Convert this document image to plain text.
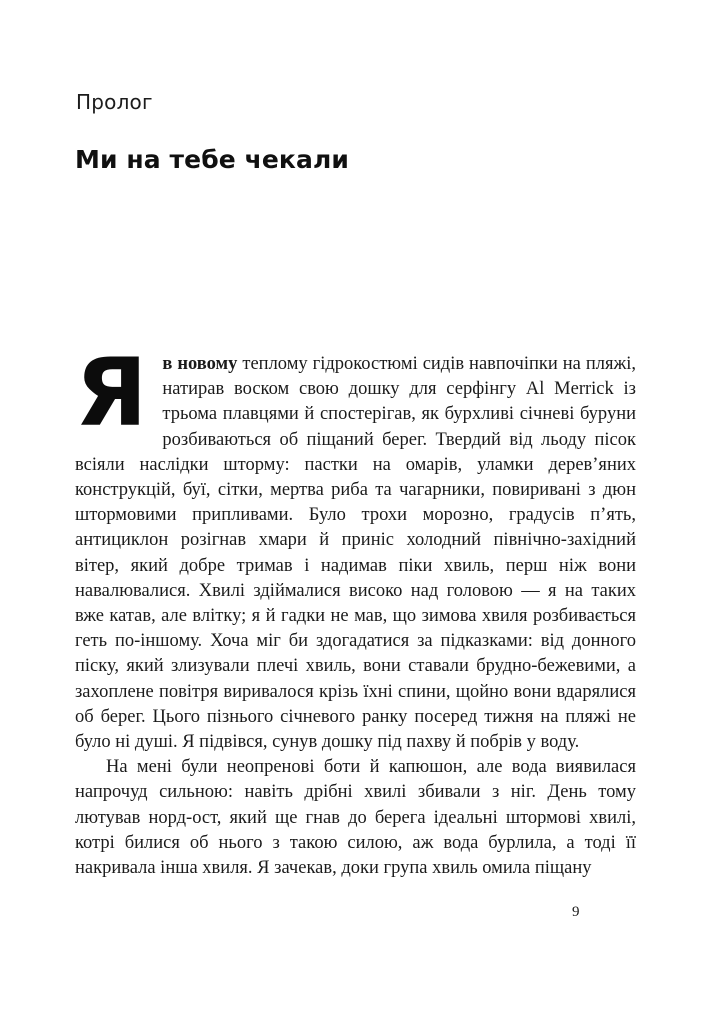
Пролог
Ми на тебе чекали

Яв новому теплому гідрокостюмі сидів навпочіпки на пляжі, натирав воском свою дошку для серфінгу Al Merrick із трьома плавцями й спостерігав, як бурхливі січневі буруни розбиваються об піщаний берег. Твердий від льоду пісок всіяли наслідки шторму: пастки на омарів, уламки дерев’яних конструкцій, буї, сітки, мертва риба та чагарники, повиривані з дюн штормовими припливами. Було трохи морозно, градусів п’ять, антициклон розігнав хмари й приніс холодний північно-західний вітер, який добре тримав і надимав піки хвиль, перш ніж вони навалювалися. Хвилі здіймалися високо над головою — я на таких вже катав, але влітку; я й гадки не мав, що зимова хвиля розбивається геть по-іншому. Хоча міг би здогадатися за підказками: від донного піску, який злизували плечі хвиль, вони ставали брудно-бежевими, а захоплене повітря виривалося крізь їхні спини, щойно вони вдарялися об берег. Цього пізнього січневого ранку посеред тижня на пляжі не було ні душі. Я підвівся, сунув дошку під пахву й побрів у воду.

На мені були неопренові боти й капюшон, але вода виявилася напрочуд сильною: навіть дрібні хвилі збивали з ніг. День тому лютував норд-ост, який ще гнав до берега ідеальні штормові хвилі, котрі билися об нього з такою силою, аж вода бурлила, а тоді її накривала інша хвиля. Я зачекав, доки група хвиль омила піщану

9
